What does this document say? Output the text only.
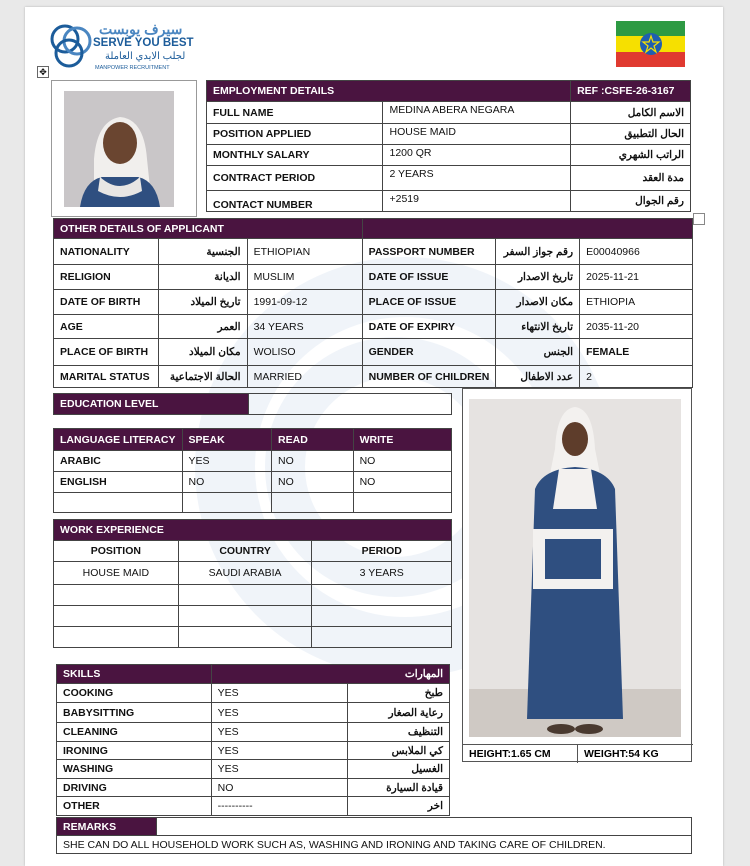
سيرف يوبست
SERVE YOU BEST
لجلب الايدي العاملة
MANPOWER RECRUITMENT
✥
EMPLOYMENT DETAILS		REF :CSFE-26-3167
FULL NAME	MEDINA ABERA NEGARA	الاسم الكامل
POSITION APPLIED	HOUSE MAID	الحال التطبيق
MONTHLY SALARY	1200 QR	الراتب الشهري
CONTRACT PERIOD	2 YEARS	مدة العقد
CONTACT NUMBER	+2519	رقم الجوال
OTHER DETAILS OF APPLICANT					
NATIONALITY	الجنسية	ETHIOPIAN	PASSPORT NUMBER	رقم جواز السفر	E00040966
RELIGION	الديانة	MUSLIM	DATE OF ISSUE	تاريخ الاصدار	2025-11-21
DATE OF BIRTH	تاريخ الميلاد	1991-09-12	PLACE OF ISSUE	مكان الاصدار	ETHIOPIA
AGE	العمر	34 YEARS	DATE OF EXPIRY	تاريخ الانتهاء	2035-11-20
PLACE OF BIRTH	مكان الميلاد	WOLISO	GENDER	الجنس	FEMALE
MARITAL STATUS	الحالة الاجتماعية	MARRIED	NUMBER OF CHILDREN	عدد الاطفال	2
EDUCATION LEVEL	
LANGUAGE LITERACY	SPEAK	READ	WRITE
ARABIC	YES	NO	NO
ENGLISH	NO	NO	NO

WORK EXPERIENCE		
POSITION	COUNTRY	PERIOD
HOUSE MAID	SAUDI ARABIA	3 YEARS

SKILLS	المهارات	
COOKING	YES	طبخ
BABYSITTING	YES	رعاية الصغار
CLEANING	YES	التنظيف
IRONING	YES	كي الملابس
WASHING	YES	الغسيل
DRIVING	NO	قيادة السيارة
OTHER	----------	اخر
HEIGHT:1.65 CM	WEIGHT:54 KG
REMARKS	
SHE CAN DO ALL HOUSEHOLD WORK SUCH AS, WASHING AND IRONING AND TAKING CARE OF CHILDREN.
